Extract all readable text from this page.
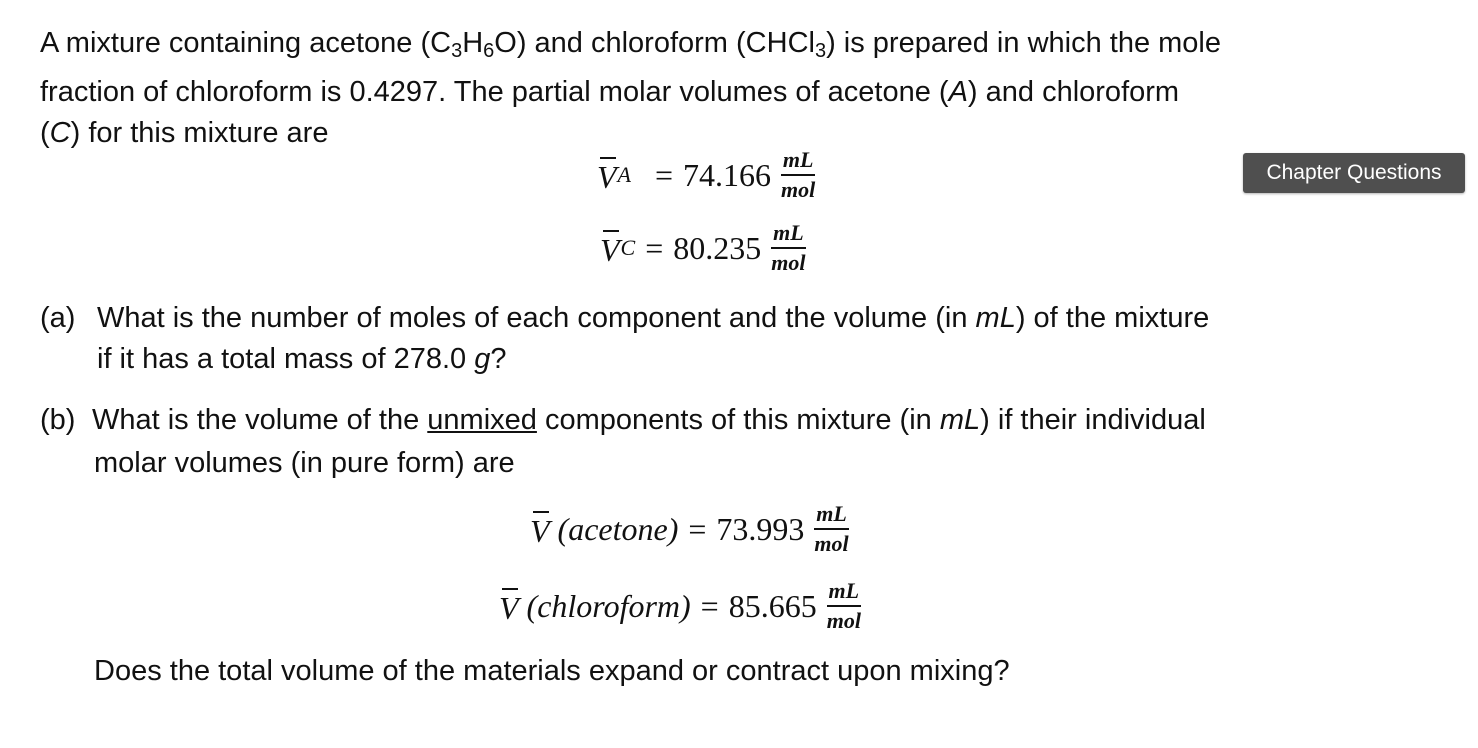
A mixture containing acetone $(C_3H_6O)$ and chloroform (CHCl$_3$) is prepared in which the mole
fraction of chloroform is 0.4297. The partial molar volumes of acetone (A) and chloroform
(C) for this mixture are

V $A = 74.166 \frac{mL}{\text{mol}}$
V $C = 80.235 \frac{mL}{\text{mol}}$
Chapter Questions
(a) What is the number of moles of each component and the volume (in mL) of the mixture
if it has a total mass of 278.0 g?
(b) What is the volume of the unmixed components of this mixture (in mL) if their individual
molar volumes (in pure form) are
V (acetone) = $73.993 \frac{mL}{\text{mol}}$
V (chloroform) = $85.665 \frac{mL}{\text{mol}}$

Does the total volume of the materials expand or contract upon mixing?
